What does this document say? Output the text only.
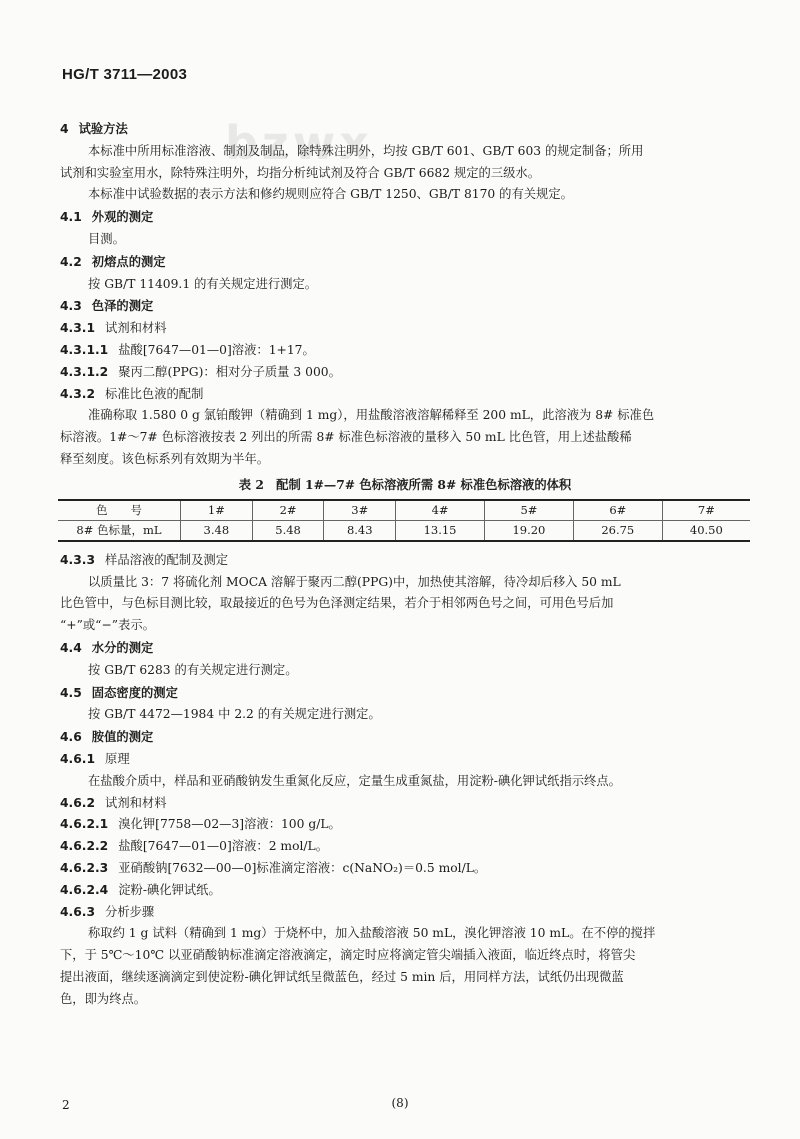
bzwx
HG/T 3711—2003
4 试验方法
本标准中所用标准溶液、制剂及制品，除特殊注明外，均按 GB/T 601、GB/T 603 的规定制备；所用
试剂和实验室用水，除特殊注明外，均指分析纯试剂及符合 GB/T 6682 规定的三级水。
本标准中试验数据的表示方法和修约规则应符合 GB/T 1250、GB/T 8170 的有关规定。
4.1 外观的测定
目测。
4.2 初熔点的测定
按 GB/T 11409.1 的有关规定进行测定。
4.3 色泽的测定
4.3.1 试剂和材料
4.3.1.1 盐酸[7647—01—0]溶液：1+17。
4.3.1.2 聚丙二醇(PPG)：相对分子质量 3 000。
4.3.2 标准比色液的配制
准确称取 1.580 0 g 氯铂酸钾（精确到 1 mg），用盐酸溶液溶解稀释至 200 mL，此溶液为 8# 标准色
标溶液。1#～7# 色标溶液按表 2 列出的所需 8# 标准色标溶液的量移入 50 mL 比色管，用上述盐酸稀
释至刻度。该色标系列有效期为半年。
表 2　配制 1#—7# 色标溶液所需 8# 标准色标溶液的体积
色　　号	1#	2#	3#	4#	5#	6#	7#
8# 色标量，mL	3.48	5.48	8.43	13.15	19.20	26.75	40.50
4.3.3 样品溶液的配制及测定
以质量比 3：7 将硫化剂 MOCA 溶解于聚丙二醇(PPG)中，加热使其溶解，待冷却后移入 50 mL
比色管中，与色标目测比较，取最接近的色号为色泽测定结果，若介于相邻两色号之间，可用色号后加
“+”或“−”表示。
4.4 水分的测定
按 GB/T 6283 的有关规定进行测定。
4.5 固态密度的测定
按 GB/T 4472—1984 中 2.2 的有关规定进行测定。
4.6 胺值的测定
4.6.1 原理
在盐酸介质中，样品和亚硝酸钠发生重氮化反应，定量生成重氮盐，用淀粉-碘化钾试纸指示终点。
4.6.2 试剂和材料
4.6.2.1 溴化钾[7758—02—3]溶液：100 g/L。
4.6.2.2 盐酸[7647—01—0]溶液：2 mol/L。
4.6.2.3 亚硝酸钠[7632—00—0]标准滴定溶液：c(NaNO₂)＝0.5 mol/L。
4.6.2.4 淀粉-碘化钾试纸。
4.6.3 分析步骤
称取约 1 g 试料（精确到 1 mg）于烧杯中，加入盐酸溶液 50 mL，溴化钾溶液 10 mL。在不停的搅拌
下，于 5℃～10℃ 以亚硝酸钠标准滴定溶液滴定，滴定时应将滴定管尖端插入液面，临近终点时，将管尖
提出液面，继续逐滴滴定到使淀粉-碘化钾试纸呈微蓝色，经过 5 min 后，用同样方法，试纸仍出现微蓝
色，即为终点。
2	(8)
